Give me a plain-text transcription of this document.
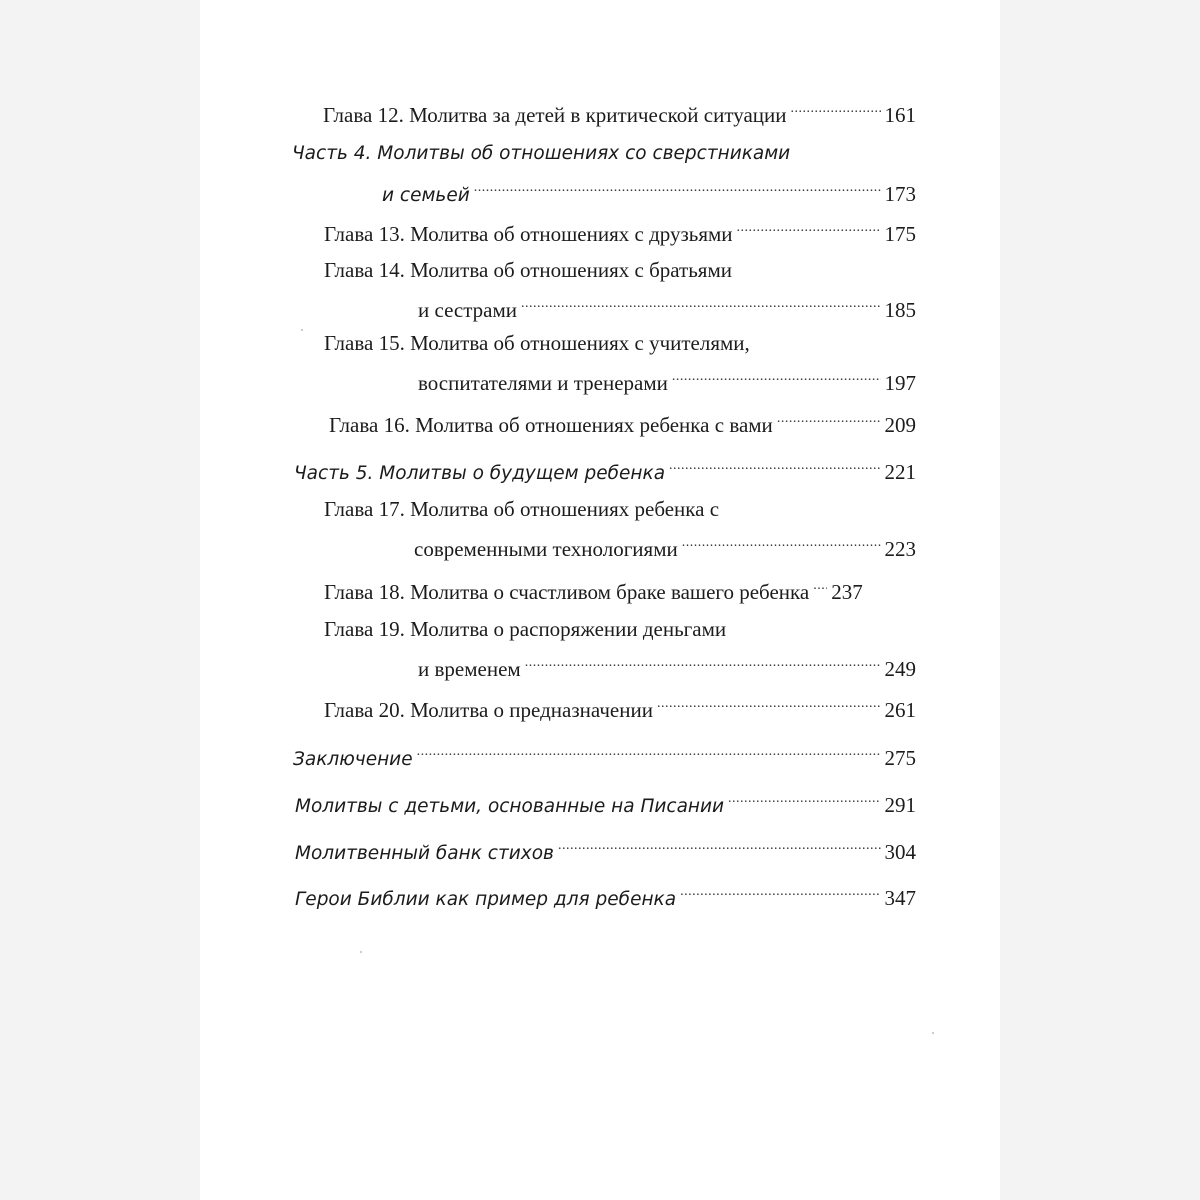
Глава 12. Молитва за детей в критической ситуации .....	161
Часть 4. Молитвы об отношениях со сверстниками
и семьей .....	173
Глава 13. Молитва об отношениях с друзьями .....	175
Глава 14. Молитва об отношениях с братьями
и сестрами .....	185
Глава 15. Молитва об отношениях с учителями,
воспитателями и тренерами .....	197
Глава 16. Молитва об отношениях ребенка с вами .....	209
Часть 5. Молитвы о будущем ребенка .....	221
Глава 17. Молитва об отношениях ребенка с
современными технологиями .....	223
Глава 18. Молитва о счастливом браке вашего ребенка ..... 237
Глава 19. Молитва о распоряжении деньгами
и временем .....	249
Глава 20. Молитва о предназначении .....	261
Заключение .....	275
Молитвы с детьми, основанные на Писании .....	291
Молитвенный банк стихов .....	304
Герои Библии как пример для ребенка .....	347
